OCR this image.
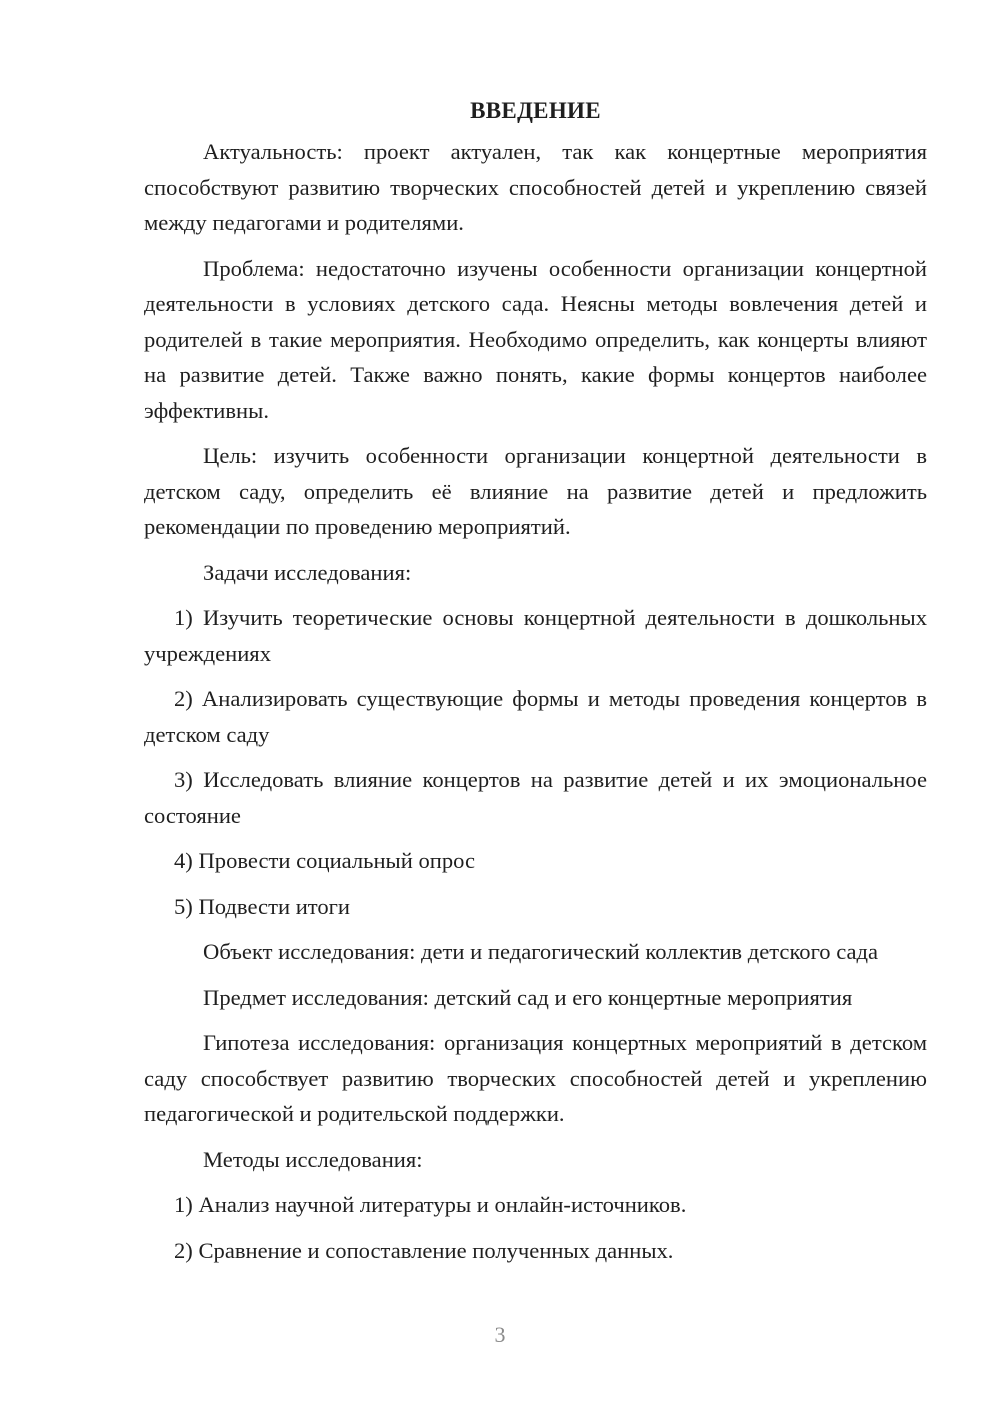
ВВЕДЕНИЕ

Актуальность: проект актуален, так как концертные мероприятия способствуют развитию творческих способностей детей и укреплению связей между педагогами и родителями.

Проблема: недостаточно изучены особенности организации концертной деятельности в условиях детского сада. Неясны методы вовлечения детей и родителей в такие мероприятия. Необходимо определить, как концерты влияют на развитие детей. Также важно понять, какие формы концертов наиболее эффективны.

Цель: изучить особенности организации концертной деятельности в детском саду, определить её влияние на развитие детей и предложить рекомендации по проведению мероприятий.

Задачи исследования:

1) Изучить теоретические основы концертной деятельности в дошкольных учреждениях

2) Анализировать существующие формы и методы проведения концертов в детском саду

3) Исследовать влияние концертов на развитие детей и их эмоциональное состояние

4) Провести социальный опрос

5) Подвести итоги

Объект исследования: дети и педагогический коллектив детского сада

Предмет исследования: детский сад и его концертные мероприятия

Гипотеза исследования: организация концертных мероприятий в детском саду способствует развитию творческих способностей детей и укреплению педагогической и родительской поддержки.

Методы исследования:

1) Анализ научной литературы и онлайн-источников.

2) Сравнение и сопоставление полученных данных.

3
